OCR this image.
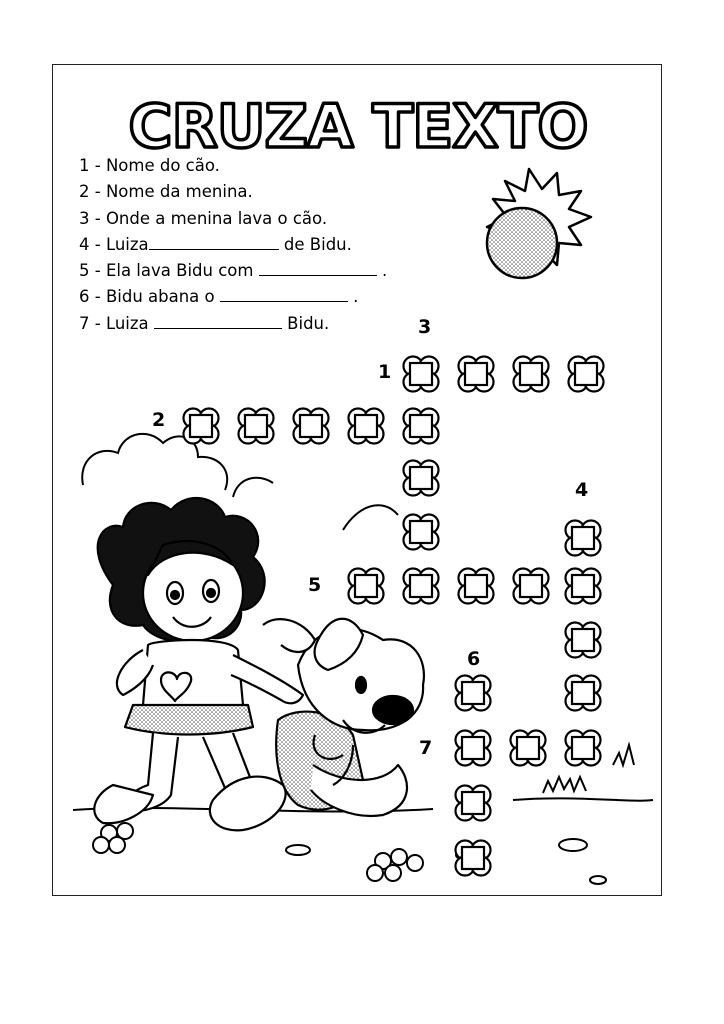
CRUZA TEXTO
1 - Nome do cão.
2 - Nome da menina.
3 - Onde a menina lava o cão.
4 - Luiza	de Bidu.
5 - Ela lava Bidu com	.
6 - Bidu abana o	.
7 - Luiza	Bidu.
1
2
3
4
5
6
7
